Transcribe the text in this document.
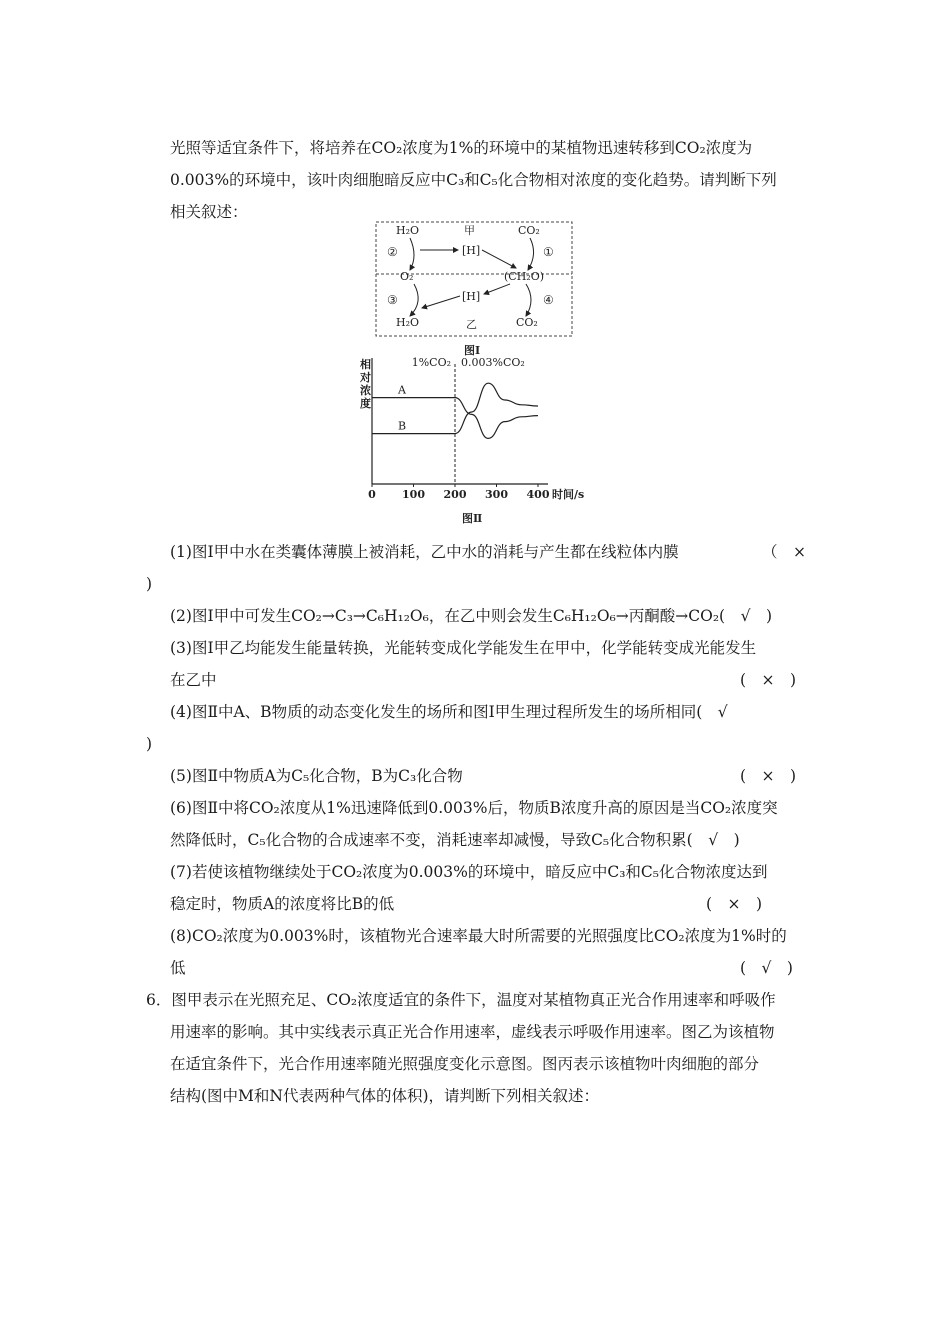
光照等适宜条件下，将培养在CO₂浓度为1%的环境中的某植物迅速转移到CO₂浓度为
0.003%的环境中，该叶肉细胞暗反应中C₃和C₅化合物相对浓度的变化趋势。请判断下列
相关叙述：
H₂O	甲	CO₂
②	[H]	①
O₂	(CH₂O)
③	[H]	④
H₂O	乙	CO₂
图Ⅰ
相
对
浓
度
0 100 200 300 400 时间/s
1%CO₂ 0.003%CO₂
A
B
图Ⅱ
(1)图Ⅰ甲中水在类囊体薄膜上被消耗，乙中水的消耗与产生都在线粒体内膜	（　×
)
(2)图Ⅰ甲中可发生CO₂→C₃→C₆H₁₂O₆，在乙中则会发生C₆H₁₂O₆→丙酮酸→CO₂(　√　)
(3)图Ⅰ甲乙均能发生能量转换，光能转变成化学能发生在甲中，化学能转变成光能发生
在乙中	(　×　)
(4)图Ⅱ中A、B物质的动态变化发生的场所和图Ⅰ甲生理过程所发生的场所相同(　√
)
(5)图Ⅱ中物质A为C₅化合物，B为C₃化合物	(　×　)
(6)图Ⅱ中将CO₂浓度从1%迅速降低到0.003%后，物质B浓度升高的原因是当CO₂浓度突
然降低时，C₅化合物的合成速率不变，消耗速率却减慢，导致C₅化合物积累(　√　)
(7)若使该植物继续处于CO₂浓度为0.003%的环境中，暗反应中C₃和C₅化合物浓度达到
稳定时，物质A的浓度将比B的低	(　×　)
(8)CO₂浓度为0.003%时，该植物光合速率最大时所需要的光照强度比CO₂浓度为1%时的
低	(　√　)
6．图甲表示在光照充足、CO₂浓度适宜的条件下，温度对某植物真正光合作用速率和呼吸作
用速率的影响。其中实线表示真正光合作用速率，虚线表示呼吸作用速率。图乙为该植物
在适宜条件下，光合作用速率随光照强度变化示意图。图丙表示该植物叶肉细胞的部分
结构(图中M和N代表两种气体的体积)，请判断下列相关叙述：
